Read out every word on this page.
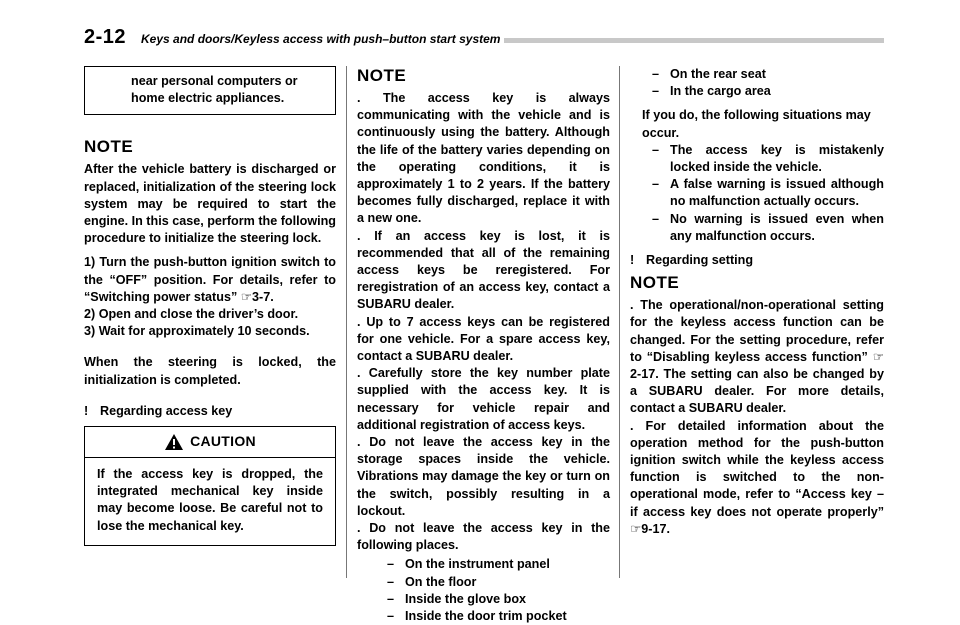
2-12 Keys and doors/Keyless access with push–button start system

near personal computers or home electric appliances.

NOTE

After the vehicle battery is discharged or replaced, initialization of the steering lock system may be required to start the engine. In this case, perform the following procedure to initialize the steering lock.

1) Turn the push-button ignition switch to the “OFF” position. For details, refer to “Switching power status” ☞3-7.

2) Open and close the driver’s door.

3) Wait for approximately 10 seconds.

When the steering is locked, the initialization is completed.

! Regarding access key
CAUTION
If the access key is dropped, the integrated mechanical key inside may become loose. Be careful not to lose the mechanical key.
NOTE

. The access key is always communicating with the vehicle and is continuously using the battery. Although the life of the battery varies depending on the operating conditions, it is approximately 1 to 2 years. If the battery becomes fully discharged, replace it with a new one.

. If an access key is lost, it is recommended that all of the remaining access keys be reregistered. For reregistration of an access key, contact a SUBARU dealer.

. Up to 7 access keys can be registered for one vehicle. For a spare access key, contact a SUBARU dealer.

. Carefully store the key number plate supplied with the access key. It is necessary for vehicle repair and additional registration of access keys.

. Do not leave the access key in the storage spaces inside the vehicle. Vibrations may damage the key or turn on the switch, possibly resulting in a lockout.

. Do not leave the access key in the following places.

– On the instrument panel
– On the floor
– Inside the glove box
– Inside the door trim pocket
– On the rear seat
– In the cargo area

If you do, the following situations may occur.

– The access key is mistakenly locked inside the vehicle.
– A false warning is issued although no malfunction actually occurs.
– No warning is issued even when any malfunction occurs.
! Regarding setting
NOTE

. The operational/non-operational setting for the keyless access function can be changed. For the setting procedure, refer to “Disabling keyless access function” ☞2-17. The setting can also be changed by a SUBARU dealer. For more details, contact a SUBARU dealer.

. For detailed information about the operation method for the push-button ignition switch while the keyless access function is switched to the non-operational mode, refer to “Access key – if access key does not operate properly” ☞9-17.
